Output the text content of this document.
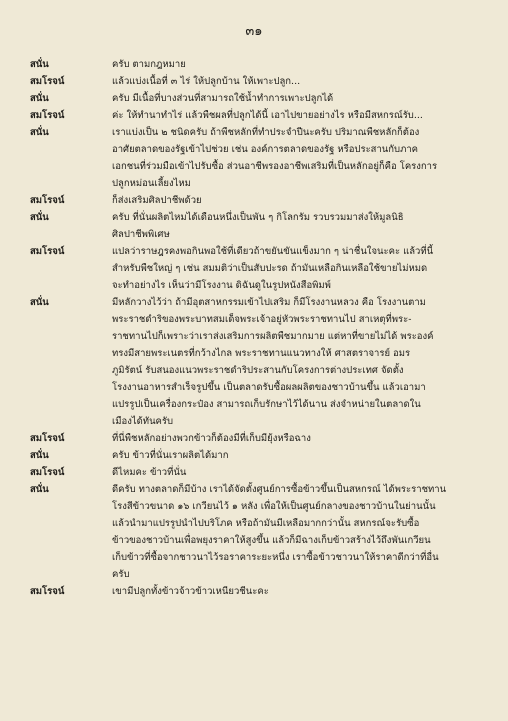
๓๑
สนั่น	ครับ ตามกฎหมาย
สมโรจน์	แล้วแบ่งเนื้อที่ ๓ ไร่ ให้ปลูกบ้าน ให้เพาะปลูก...
สนั่น	ครับ มีเนื้อที่บางส่วนที่สามารถใช้น้ำทำการเพาะปลูกได้
สมโรจน์	ค่ะ ให้ทำนาทำไร่ แล้วพืชผลที่ปลูกได้นี้ เอาไปขายอย่างไร หรือมีสหกรณ์รับ...
สนั่น	เราแบ่งเป็น ๒ ชนิดครับ ถ้าพืชหลักที่ทำประจำปีนะครับ ปริมาณพืชหลักก็ต้อง
อาศัยตลาดของรัฐเข้าไปช่วย เช่น องค์การตลาดของรัฐ หรือประสานกับภาค
เอกชนที่ร่วมมือเข้าไปรับซื้อ ส่วนอาชีพรองอาชีพเสริมที่เป็นหลักอยู่ก็คือ โครงการ
ปลูกหม่อนเลี้ยงไหม
สมโรจน์	ก็ส่งเสริมศิลปาชีพด้วย
สนั่น	ครับ ที่นั่นผลิตไหมได้เดือนหนึ่งเป็นพัน ๆ กิโลกรัม รวบรวมมาส่งให้มูลนิธิ
ศิลปาชีพพิเศษ
สมโรจน์	แปลว่าราษฎรคงพอกินพอใช้ที่เดียวถ้าขยันขันแข็งมาก ๆ น่าชื่นใจนะคะ แล้วที่นี้
สำหรับพืชใหญ่ ๆ เช่น สมมติว่าเป็นสับปะรด ถ้ามันเหลือกินเหลือใช้ขายไม่หมด
จะทำอย่างไร เห็นว่ามีโรงงาน ดิฉันดูในรูปหนังสือพิมพ์
สนั่น	มีหลักวางไว้ว่า ถ้ามีอุตสาหกรรมเข้าไปเสริม ก็มีโรงงานหลวง คือ โรงงานตาม
พระราชดำริของพระบาทสมเด็จพระเจ้าอยู่หัวพระราชทานไป สาเหตุที่พระ-
ราชทานไปก็เพราะว่าเราส่งเสริมการผลิตพืชมากมาย แต่หาที่ขายไม่ได้ พระองค์
ทรงมีสายพระเนตรที่กว้างไกล พระราชทานแนวทางให้ ศาสตราจารย์ อมร
ภูมิรัตน์ รับสนองแนวพระราชดำริประสานกับโครงการต่างประเทศ จัดตั้ง
โรงงานอาหารสำเร็จรูปขึ้น เป็นตลาดรับซื้อผลผลิตของชาวบ้านขึ้น แล้วเอามา
แปรรูปเป็นเครื่องกระป๋อง สามารถเก็บรักษาไว้ได้นาน ส่งจำหน่ายในตลาดใน
เมืองได้ทันครับ
สมโรจน์	ที่นี่พืชหลักอย่างพวกข้าวก็ต้องมีที่เก็บมียุ้งหรือฉาง
สนั่น	ครับ ข้าวที่นั่นเราผลิตได้มาก
สมโรจน์	ดีไหมคะ ข้าวที่นั่น
สนั่น	ดีครับ ทางตลาดก็มีบ้าง เราได้จัดตั้งศูนย์การซื้อข้าวขึ้นเป็นสหกรณ์ ได้พระราชทาน
โรงสีข้าวขนาด ๑๖ เกวียนไว้ ๑ หลัง เพื่อให้เป็นศูนย์กลางของชาวบ้านในย่านนั้น
แล้วนำมาแปรรูปนำไปบริโภค หรือถ้ามันมีเหลือมากกว่านั้น สหกรณ์จะรับซื้อ
ข้าวของชาวบ้านเพื่อพยุงราคาให้สูงขึ้น แล้วก็มีฉางเก็บข้าวสร้างไว้ถึงพันเกวียน
เก็บข้าวที่ซื้อจากชาวนาไว้รอราคาระยะหนึ่ง เราซื้อข้าวชาวนาให้ราคาดีกว่าที่อื่น
ครับ
สมโรจน์	เขามีปลูกทั้งข้าวจ้าวข้าวเหนียวชีนะคะ
